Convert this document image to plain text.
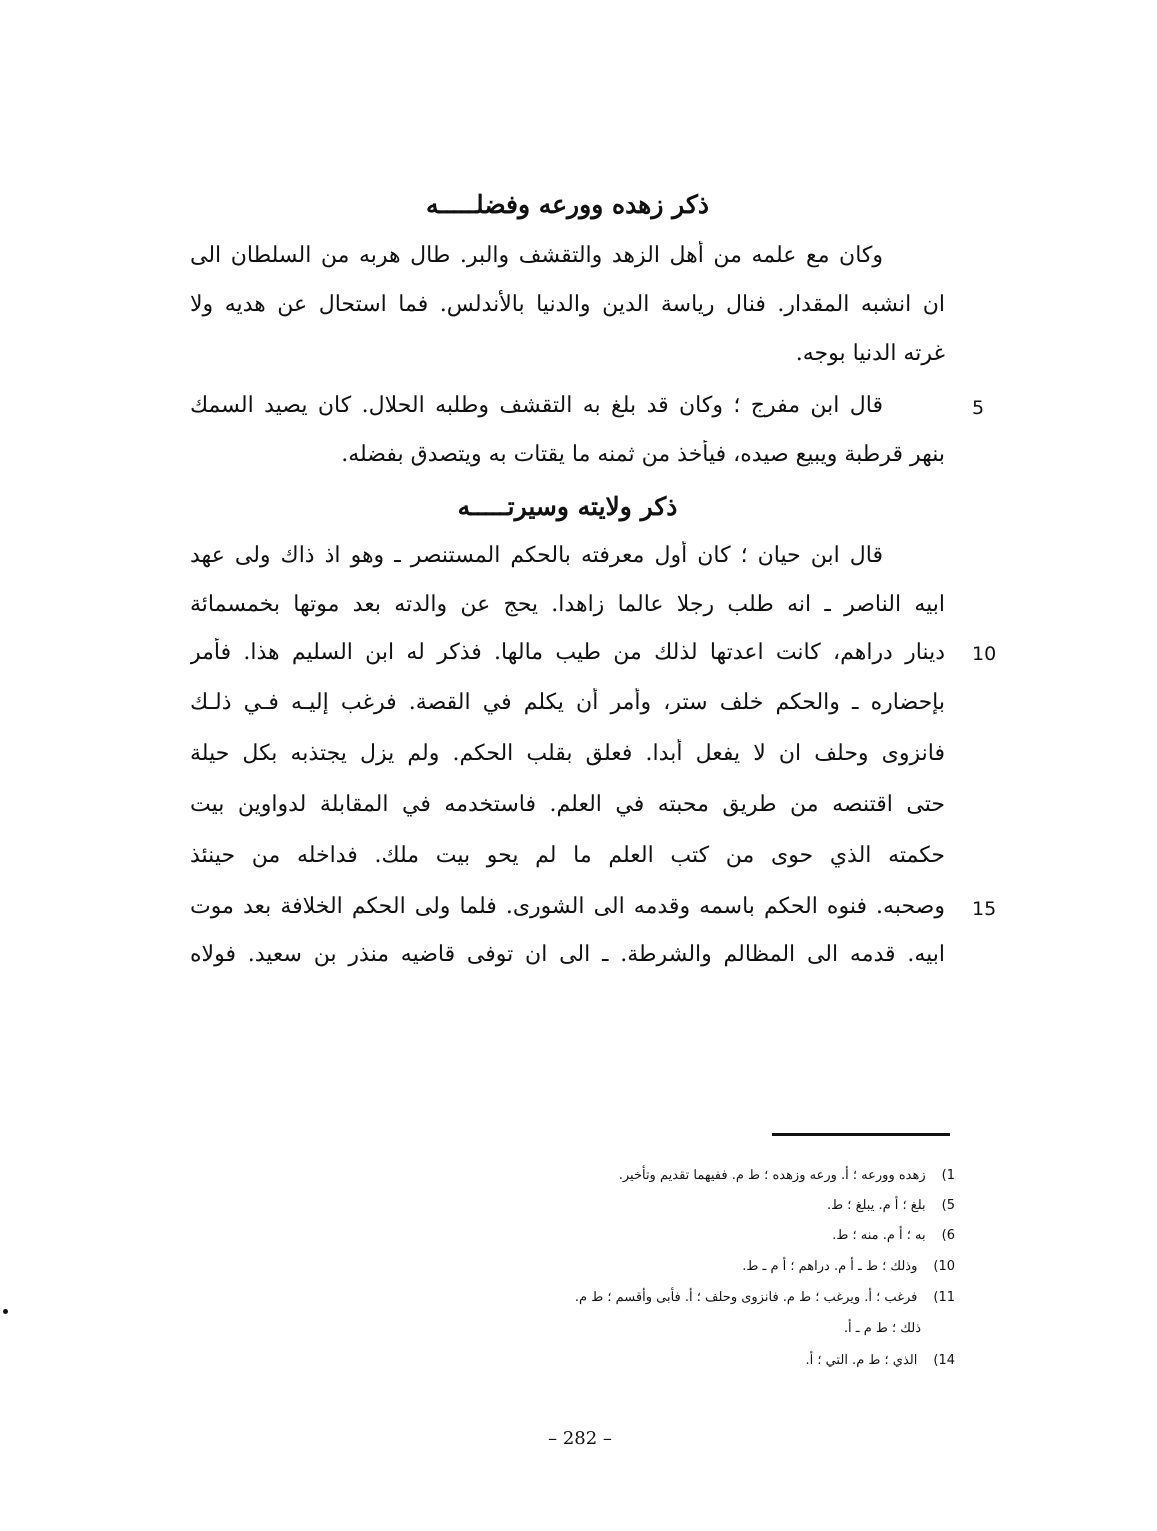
ذكر زهده وورعه وفضلـــــه
وكان مع علمه من أهل الزهد والتقشف والبر. طال هربه من السلطان الى
ان انشبه المقدار. فنال رياسة الدين والدنيا بالأندلس. فما استحال عن هديه ولا
غرته الدنيا بوجه.
قال ابن مفرج ؛ وكان قد بلغ به التقشف وطلبه الحلال. كان يصيد السمك
بنهر قرطبة ويبيع صيده، فيأخذ من ثمنه ما يقتات به ويتصدق بفضله.
5
ذكر ولايته وسيرتـــــه
قال ابن حيان ؛ كان أول معرفته بالحكم المستنصر ـ وهو اذ ذاك ولى عهد
ابيه الناصر ـ انه طلب رجلا عالما زاهدا. يحج عن والدته بعد موتها بخمسمائة
دينار دراهم، كانت اعدتها لذلك من طيب مالها. فذكر له ابن السليم هذا. فأمر
بإحضاره ـ والحكم خلف ستر، وأمر أن يكلم في القصة. فرغب إليـه فـي ذلـك
فانزوى وحلف ان لا يفعل أبدا. فعلق بقلب الحكم. ولم يزل يجتذبه بكل حيلة
حتى اقتنصه من طريق محبته في العلم. فاستخدمه في المقابلة لدواوين بيت
حكمته الذي حوى من كتب العلم ما لم يحو بيت ملك. فداخله من حينئذ
وصحبه. فنوه الحكم باسمه وقدمه الى الشورى. فلما ولى الحكم الخلافة بعد موت
ابيه. قدمه الى المظالم والشرطة. ـ الى ان توفى قاضيه منذر بن سعيد. فولاه
10
15
1)زهده وورعه ؛ أ. ورعه وزهده ؛ ط م. ففيهما تقديم وتأخير.
5)بلغ ؛ أ م. يبلغ ؛ ط.
6)به ؛ أ م. منه ؛ ط.
10)وذلك ؛ ط ـ أ م. دراهم ؛ أ م ـ ط.
11)فرغب ؛ أ. ويرغب ؛ ط م. فانزوى وحلف ؛ أ. فأبى وأقسم ؛ ط م.
ذلك ؛ ط م ـ أ.
14)الذي ؛ ط م. التي ؛ أ.
– 282 –
